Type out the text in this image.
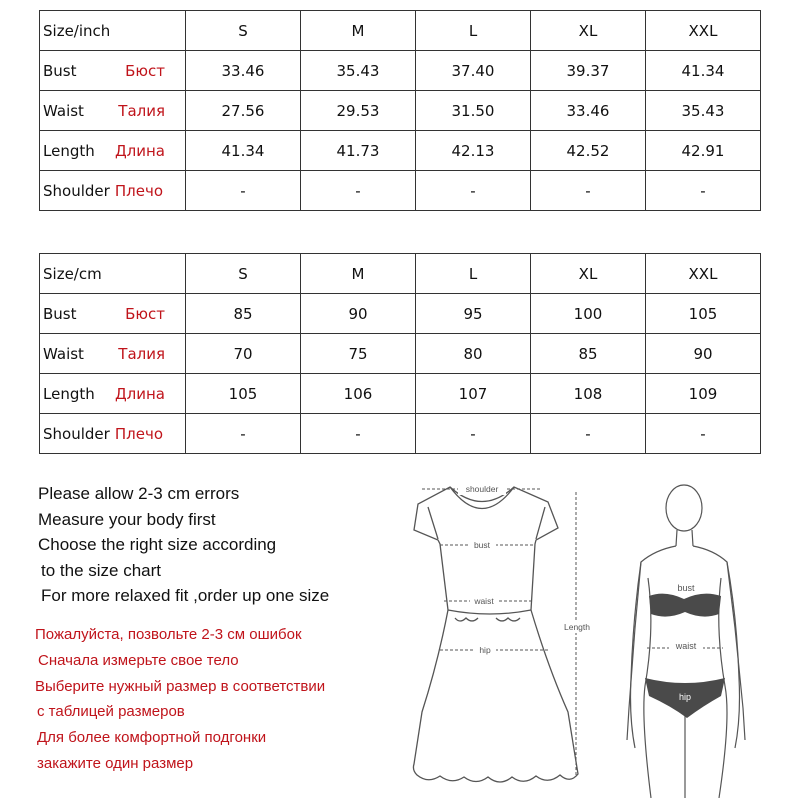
Size/inch	S	M	L	XL	XXL
Bust Бюст	33.46	35.43	37.40	39.37	41.34
Waist Талия	27.56	29.53	31.50	33.46	35.43
Length Длина	41.34	41.73	42.13	42.52	42.91
Shoulder Плечо	-	-	-	-	-
Size/cm	S	M	L	XL	XXL
Bust Бюст	85	90	95	100	105
Waist Талия	70	75	80	85	90
Length Длина	105	106	107	108	109
Shoulder Плечо	-	-	-	-	-
Please allow 2-3 cm errors
Measure your body first
Choose the right size according
to the size chart
For more relaxed fit ,order up one size
Пожалуйста, позвольте 2-3 см ошибок
Сначала измерьте свое тело
Выберите нужный размер в соответствии
с таблицей размеров
Для более комфортной подгонки
закажите один размер
shoulder
bust
waist
hip
Length
bust
waist
hip
